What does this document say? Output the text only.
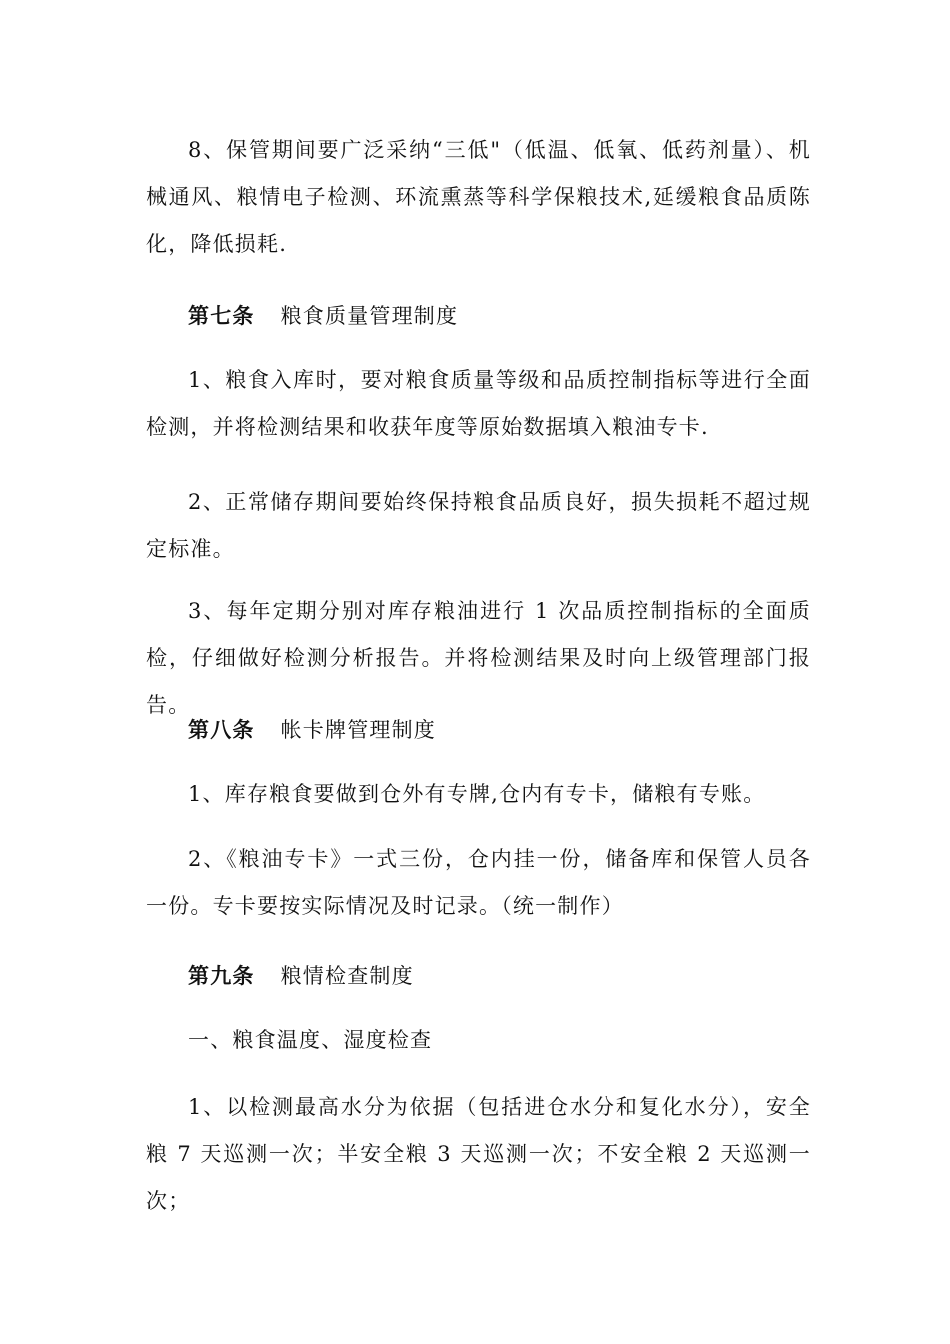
8、保管期间要广泛采纳“三低"（低温、低氧、低药剂量）、机械通风、粮情电子检测、环流熏蒸等科学保粮技术,延缓粮食品质陈化，降低损耗.

第七条 粮食质量管理制度

1、粮食入库时，要对粮食质量等级和品质控制指标等进行全面检测，并将检测结果和收获年度等原始数据填入粮油专卡.

2、正常储存期间要始终保持粮食品质良好，损失损耗不超过规定标准。

3、每年定期分别对库存粮油进行 1 次品质控制指标的全面质检，仔细做好检测分析报告。并将检测结果及时向上级管理部门报告。

第八条 帐卡牌管理制度

1、库存粮食要做到仓外有专牌,仓内有专卡，储粮有专账。

2、《粮油专卡》一式三份，仓内挂一份，储备库和保管人员各一份。专卡要按实际情况及时记录。（统一制作）

第九条 粮情检查制度

一、粮食温度、湿度检查

1、以检测最高水分为依据（包括进仓水分和复化水分），安全粮 7 天巡测一次；半安全粮 3 天巡测一次；不安全粮 2 天巡测一次；
